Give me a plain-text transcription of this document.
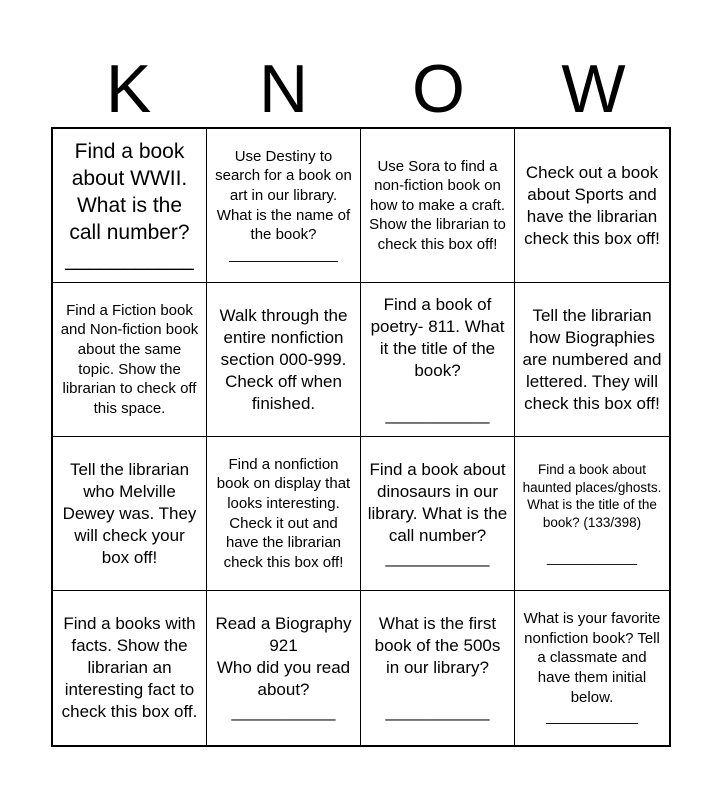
K	N	O	W
Find a book about WWII. What is the call number?
___________
Use Destiny to search for a book on art in our library. What is the name of the book?
_____________
Use Sora to find a non-fiction book on how to make a craft. Show the librarian to check this box off!
Check out a book about Sports and have the librarian check this box off!
Find a Fiction book and Non-fiction book about the same topic. Show the librarian to check off this space.
Walk through the entire nonfiction section 000-999. Check off when finished.
Find a book of poetry- 811. What it the title of the book?

___________
Tell the librarian how Biographies are numbered and lettered. They will check this box off!
Tell the librarian who Melville Dewey was. They will check your box off!
Find a nonfiction book on display that looks interesting. Check it out and have the librarian check this box off!
Find a book about dinosaurs in our library. What is the call number?
___________
Find a book about haunted places/ghosts.
What is the title of the book? (133/398)

____________
Find a books with facts. Show the librarian an interesting fact to check this box off.
Read a Biography
921
Who did you read about?
___________
What is the first book of the 500s in our library?

___________
What is your favorite nonfiction book? Tell a classmate and have them initial below.
___________
